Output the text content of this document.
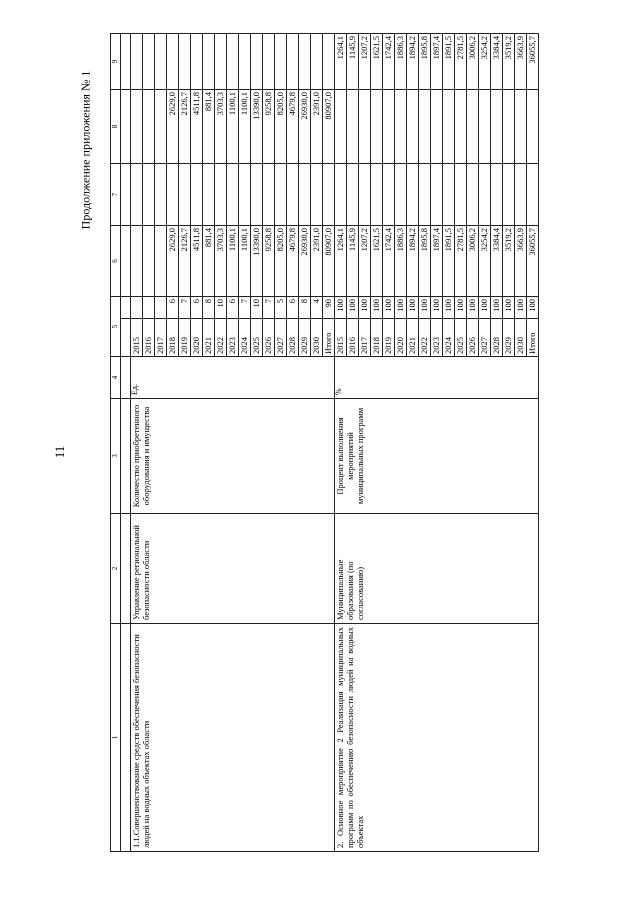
11
Продолжение приложения № 1
1	2	3	4	5		6	7	8	9	

1.1.Совершенствование средств обеспечения безопасности людей на водных объектах области	Управление региональной безопасности области	Количество приобретенного оборудования и имущества	Ед.	2015						
				2016						
				2017						
				2018	6	2629,0		2629,0		
				2019	7	2126,7		2126,7		
				2020	6	4511,8		4511,8		
				2021	8	881,4		881,4		
				2022	10	3703,3		3703,3		
				2023	6	1100,1		1100,1		
				2024	7	1100,1		1100,1		
				2025	10	13390,0		13390,0		
				2026	7	9258,8		9258,8		
				2027	5	8205,0		8205,0		
				2028	6	4679,8		4679,8		
				2029	8	26930,0		26930,0		
				2030	4	2391,0		2391,0		
				Итого	90	80907,0		80907,0		
2. Основное мероприятие 2 Реализация муниципальных программ по обеспечению безопасности людей на водных объектах	Муниципальные образования (по согласованию)	Процент выполнения мероприятий муниципальных программ	%	2015	100	1264,1			1264,1	
				2016	100	1145,9			1145,9	
				2017	100	1207,2			1207,2	
				2018	100	1621,5			1621,5	
				2019	100	1742,4			1742,4	
				2020	100	1886,3			1886,3	
				2021	100	1894,2			1894,2	
				2022	100	1895,8			1895,8	
				2023	100	1897,4			1897,4	
				2024	100	1891,5			1891,5	
				2025	100	2781,5			2781,5	
				2026	100	3006,2			3006,2	
				2027	100	3254,2			3254,2	
				2028	100	3384,4			3384,4	
				2029	100	3519,2			3519,2	
				2030	100	3663,9			3663,9	
				Итого	100	36055,7			36055,7	
